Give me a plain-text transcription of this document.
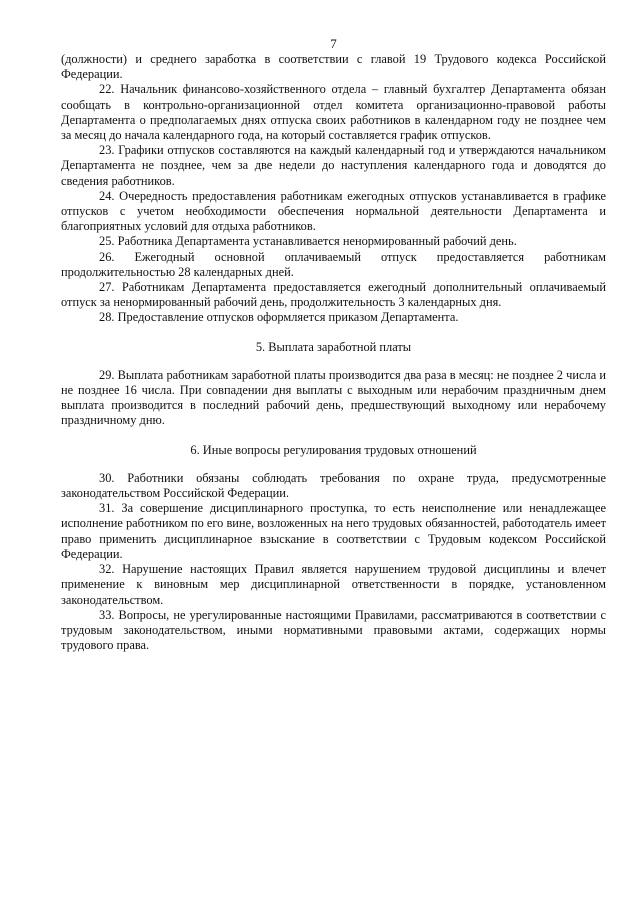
7
(должности) и среднего заработка в соответствии с главой 19 Трудового кодекса Российской Федерации.
22. Начальник финансово-хозяйственного отдела – главный бухгалтер Департамента обязан сообщать в контрольно-организационной отдел комитета организационно-правовой работы Департамента о предполагаемых днях отпуска своих работников в календарном году не позднее чем за месяц до начала календарного года, на который составляется график отпусков.
23. Графики отпусков составляются на каждый календарный год и утверждаются начальником Департамента не позднее, чем за две недели до наступления календарного года и доводятся до сведения работников.
24. Очередность предоставления работникам ежегодных отпусков устанавливается в графике отпусков с учетом необходимости обеспечения нормальной деятельности Департамента и благоприятных условий для отдыха работников.
25. Работника Департамента устанавливается ненормированный рабочий день.
26. Ежегодный основной оплачиваемый отпуск предоставляется работникам продолжительностью 28 календарных дней.
27. Работникам Департамента предоставляется ежегодный дополнительный оплачиваемый отпуск за ненормированный рабочий день, продолжительность 3 календарных дня.
28. Предоставление отпусков оформляется приказом Департамента.
5. Выплата заработной платы
29. Выплата работникам заработной платы производится два раза в месяц: не позднее 2 числа и не позднее 16 числа. При совпадении дня выплаты с выходным или нерабочим праздничным днем выплата производится в последний рабочий день, предшествующий выходному или нерабочему праздничному дню.
6. Иные вопросы регулирования трудовых отношений
30. Работники обязаны соблюдать требования по охране труда, предусмотренные законодательством Российской Федерации.
31. За совершение дисциплинарного проступка, то есть неисполнение или ненадлежащее исполнение работником по его вине, возложенных на него трудовых обязанностей, работодатель имеет право применить дисциплинарное взыскание в соответствии с Трудовым кодексом Российской Федерации.
32. Нарушение настоящих Правил является нарушением трудовой дисциплины и влечет применение к виновным мер дисциплинарной ответственности в порядке, установленном законодательством.
33. Вопросы, не урегулированные настоящими Правилами, рассматриваются в соответствии с трудовым законодательством, иными нормативными правовыми актами, содержащих нормы трудового права.
